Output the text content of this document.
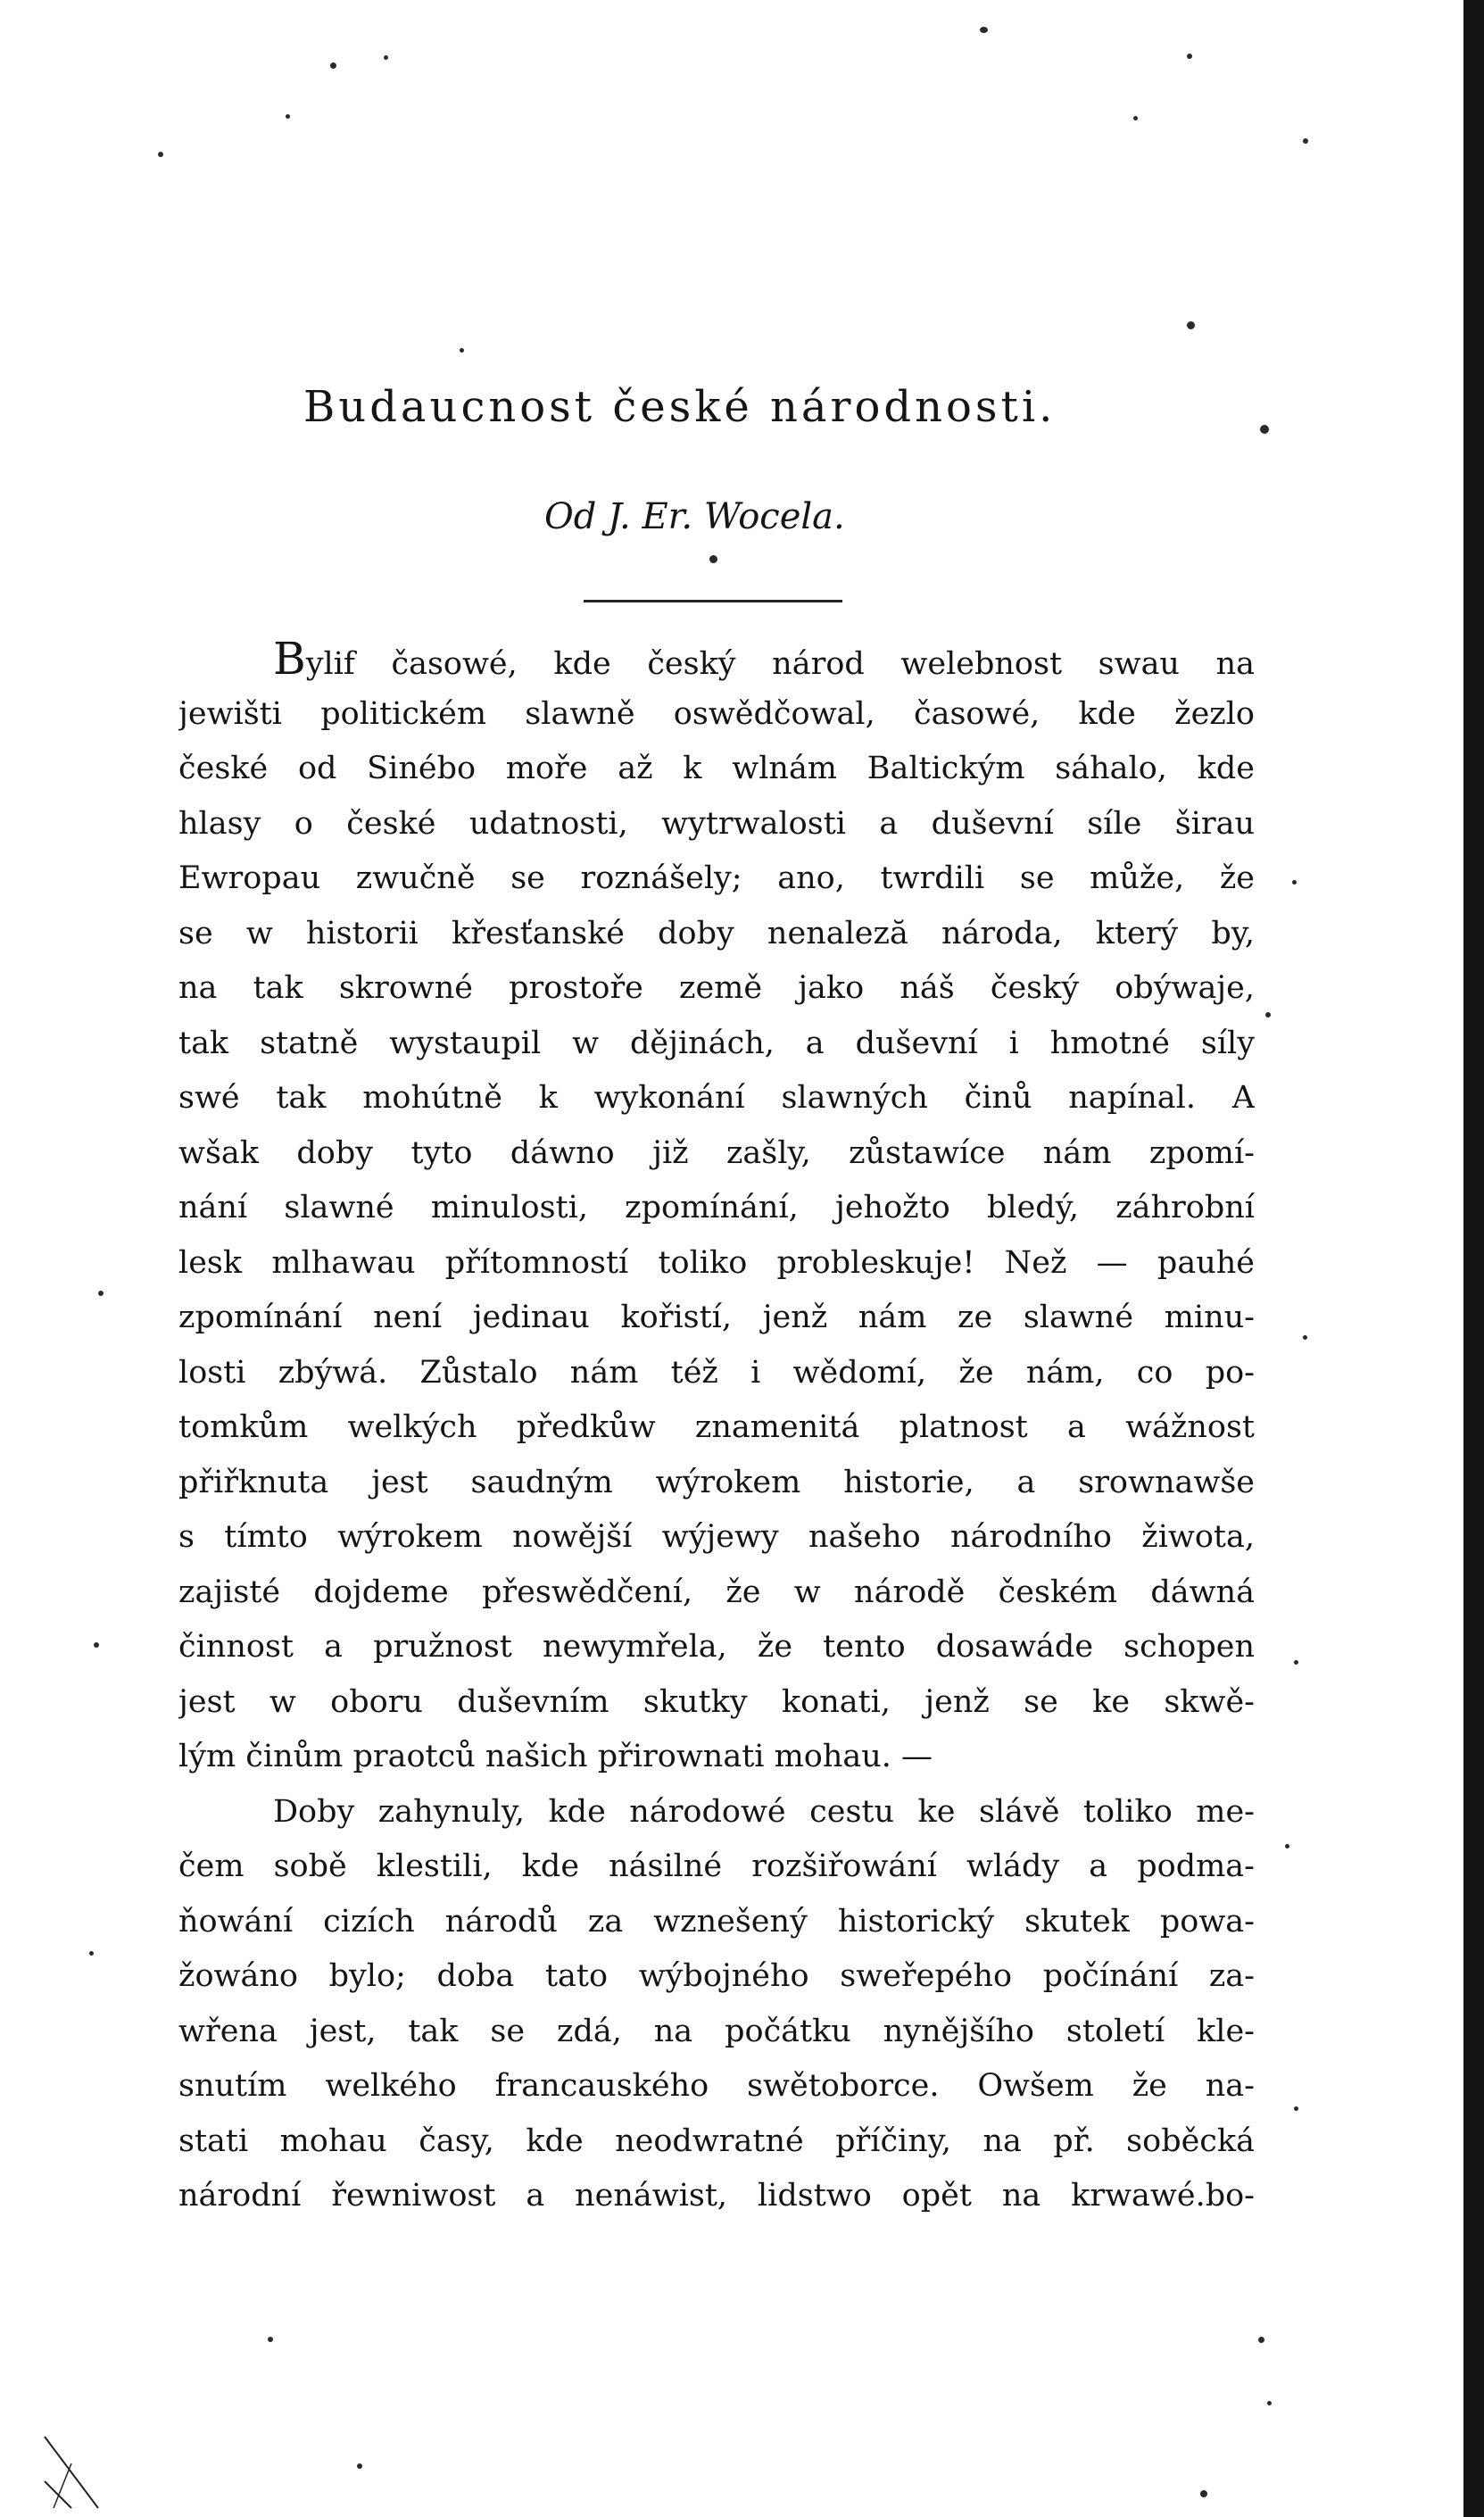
Budaucnost české národnosti.
Od J. Er. Wocela.
Bylif časowé, kde český národ welebnost swau na
jewišti politickém slawně oswědčowal, časowé, kde žezlo
české od Sinébo moře až k wlnám Baltickým sáhalo, kde
hlasy o české udatnosti, wytrwalosti a duševní síle širau
Ewropau zwučně se roznášely; ano, twrdili se může, že
se w historii křesťanské doby nenaleză národa, který by,
na tak skrowné prostoře země jako náš český obýwaje,
tak statně wystaupil w dějinách, a duševní i hmotné síly
swé tak mohútně k wykonání slawných činů napínal. A
wšak doby tyto dáwno již zašly, zůstawíce nám zpomí-
nání slawné minulosti, zpomínání, jehožto bledý, záhrobní
lesk mlhawau přítomností toliko probleskuje! Než — pauhé
zpomínání není jedinau kořistí, jenž nám ze slawné minu-
losti zbýwá. Zůstalo nám též i wědomí, že nám, co po-
tomkům welkých předkůw znamenitá platnost a wážnost
přiřknuta jest saudným wýrokem historie, a srownawše
s tímto wýrokem nowější wýjewy našeho národního žiwota,
zajisté dojdeme přeswědčení, že w národě českém dáwná
činnost a pružnost newymřela, že tento dosawáde schopen
jest w oboru duševním skutky konati, jenž se ke skwě-
lým činům praotců našich přirownati mohau. —
Doby zahynuly, kde národowé cestu ke slávě toliko me-
čem sobě klestili, kde násilné rozšiřowání wlády a podma-
ňowání cizích národů za wznešený historický skutek powa-
žowáno bylo; doba tato wýbojného sweřepého počínání za-
wřena jest, tak se zdá, na počátku nynějšího století kle-
snutím welkého francauského swětoborce. Owšem že na-
stati mohau časy, kde neodwratné příčiny, na př. soběcká
národní řewniwost a nenáwist, lidstwo opět na krwawé.bo-
